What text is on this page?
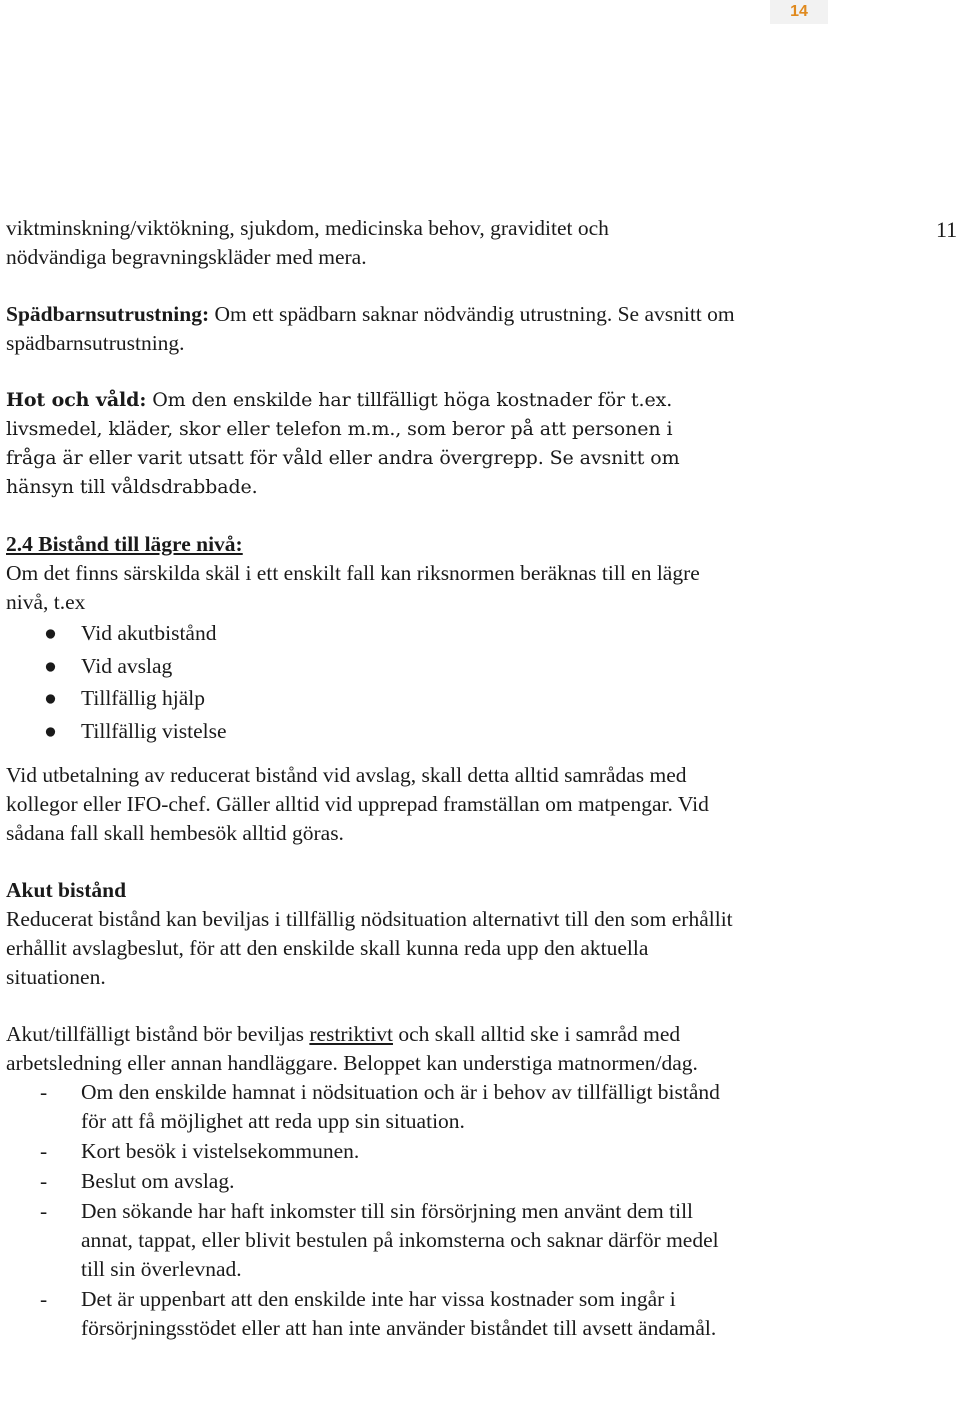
14
11

viktminskning/viktökning, sjukdom, medicinska behov, graviditet och nödvändiga begravningskläder med mera.

Spädbarnsutrustning: Om ett spädbarn saknar nödvändig utrustning. Se avsnitt om spädbarnsutrustning.

Hot och våld: Om den enskilde har tillfälligt höga kostnader för t.ex. livsmedel, kläder, skor eller telefon m.m., som beror på att personen i fråga är eller varit utsatt för våld eller andra övergrepp. Se avsnitt om hänsyn till våldsdrabbade.

2.4 Bistånd till lägre nivå:

Om det finns särskilda skäl i ett enskilt fall kan riksnormen beräknas till en lägre nivå, t.ex

● Vid akutbistånd
● Vid avslag
● Tillfällig hjälp
● Tillfällig vistelse

Vid utbetalning av reducerat bistånd vid avslag, skall detta alltid samrådas med kollegor eller IFO-chef. Gäller alltid vid upprepad framställan om matpengar. Vid sådana fall skall hembesök alltid göras.

Akut bistånd

Reducerat bistånd kan beviljas i tillfällig nödsituation alternativt till den som erhållit erhållit avslagbeslut, för att den enskilde skall kunna reda upp den aktuella situationen.

Akut/tillfälligt bistånd bör beviljas restriktivt och skall alltid ske i samråd med arbetsledning eller annan handläggare. Beloppet kan understiga matnormen/dag.

- Om den enskilde hamnat i nödsituation och är i behov av tillfälligt bistånd för att få möjlighet att reda upp sin situation.
- Kort besök i vistelsekommunen.
- Beslut om avslag.
- Den sökande har haft inkomster till sin försörjning men använt dem till annat, tappat, eller blivit bestulen på inkomsterna och saknar därför medel till sin överlevnad.
- Det är uppenbart att den enskilde inte har vissa kostnader som ingår i försörjningsstödet eller att han inte använder biståndet till avsett ändamål.
